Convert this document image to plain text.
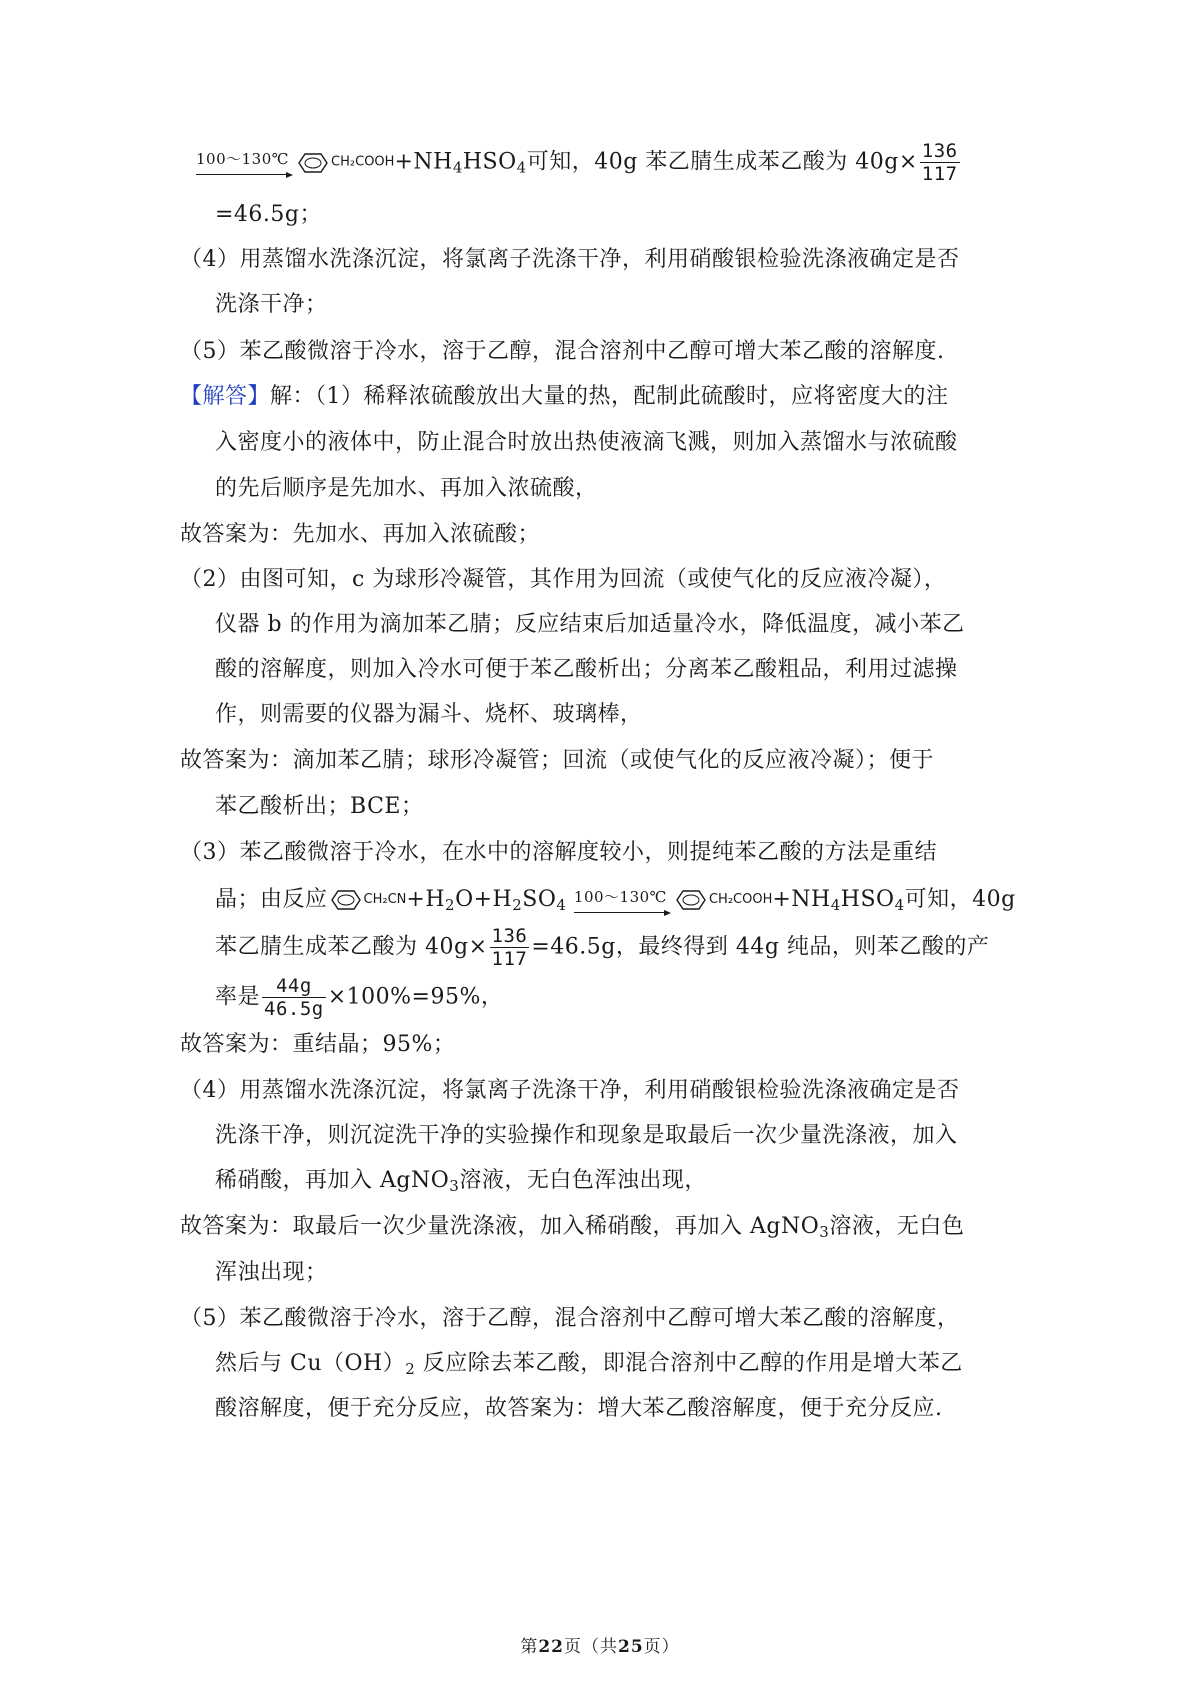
100～130℃	$CH_2COOH+NH_4HSO_4$可知，40g 苯乙腈生成苯乙酸为 $40g\times \frac{136}{117}$
=46.5g；
（4）用蒸馏水洗涤沉淀，将氯离子洗涤干净，利用硝酸银检验洗涤液确定是否
洗涤干净；
（5）苯乙酸微溶于冷水，溶于乙醇，混合溶剂中乙醇可增大苯乙酸的溶解度.
【解答】解：（1）稀释浓硫酸放出大量的热，配制此硫酸时，应将密度大的注
入密度小的液体中，防止混合时放出热使液滴飞溅，则加入蒸馏水与浓硫酸
的先后顺序是先加水、再加入浓硫酸，
故答案为：先加水、再加入浓硫酸；
（2）由图可知，c 为球形冷凝管，其作用为回流（或使气化的反应液冷凝），
仪器 b 的作用为滴加苯乙腈；反应结束后加适量冷水，降低温度，减小苯乙
酸的溶解度，则加入冷水可便于苯乙酸析出；分离苯乙酸粗品，利用过滤操
作，则需要的仪器为漏斗、烧杯、玻璃棒，
故答案为：滴加苯乙腈；球形冷凝管；回流（或使气化的反应液冷凝）；便于
苯乙酸析出；BCE；
（3）苯乙酸微溶于冷水，在水中的溶解度较小，则提纯苯乙酸的方法是重结
晶；由反应	$CH_2CN+H_2O+H_2SO_4$ 100～130℃	$CH_2COOH+NH_4HSO_4$可知，40g
苯乙腈生成苯乙酸为 $40g\times \frac{136}{117} =46.5g$，最终得到 44g 纯品，则苯乙酸的产
率是 $\frac{44g}{46.5g} \times 100\%=95\%$，
故答案为：重结晶；95%；
（4）用蒸馏水洗涤沉淀，将氯离子洗涤干净，利用硝酸银检验洗涤液确定是否
洗涤干净，则沉淀洗干净的实验操作和现象是取最后一次少量洗涤液，加入
稀硝酸，再加入 AgNO$_3$溶液，无白色浑浊出现，
故答案为：取最后一次少量洗涤液，加入稀硝酸，再加入 AgNO$_3$溶液，无白色
浑浊出现；
（5）苯乙酸微溶于冷水，溶于乙醇，混合溶剂中乙醇可增大苯乙酸的溶解度，
然后与 $Cu(OH)_2$ 反应除去苯乙酸，即混合溶剂中乙醇的作用是增大苯乙
酸溶解度，便于充分反应，故答案为：增大苯乙酸溶解度，便于充分反应.
第22页（共25页）
